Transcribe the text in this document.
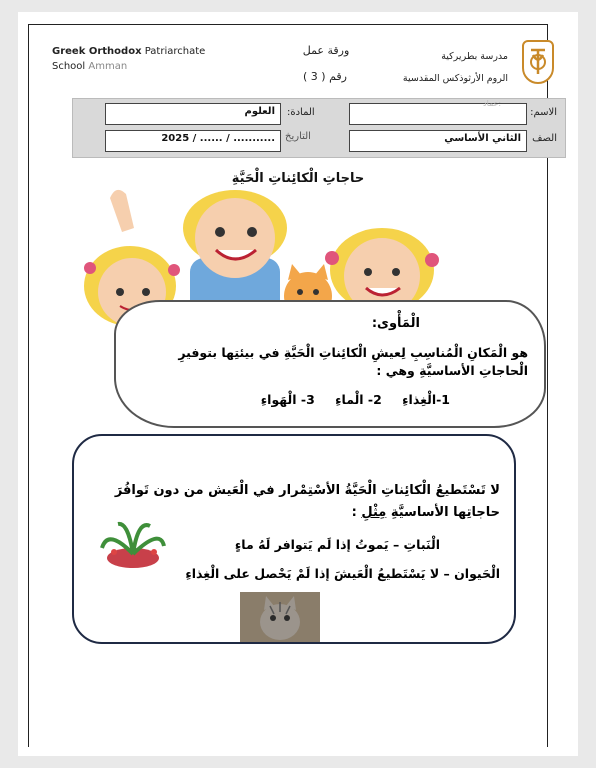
Greek Orthodox Patriarchate
School Amman
ورقة عمل
رقم ( 3 )
مدرسة بطريركية
الروم الأرثوذكس المقدسية
الاسم:
عماد:
المادة:
العلوم
الصف
الثاني الأساسي
التاريخ
2025 / ...... / ...........
حاجاتِ الْكائِناتِ الْحَيَّةِ
الْمَأْوى:
هو الْمَكانِ الْمُناسِبِ لِعيشِ الْكائِناتِ الْحَيَّةِ في بيئتِها بتوفيرِ الْحاجاتِ الأساسيَّةِ وهي :
1-الْغِذاءِ 2- الْماءِ 3- الْهَواءِ
لا تَسْتَطيعُ الْكائِناتِ الْحَيَّةُ الأسْتِمْرار في الْعَيش من دون تَوافُرَ حاجاتِها الأساسيَّةِ مِثْلِ :
الْنَباتِ – يَموتُ إذا لَم يَتوافر لَهُ ماءٍ
الْحَيوان – لا يَسْتَطيعُ الْعَيشَ إذا لَمْ يَحْصل على الْغِذاءِ
